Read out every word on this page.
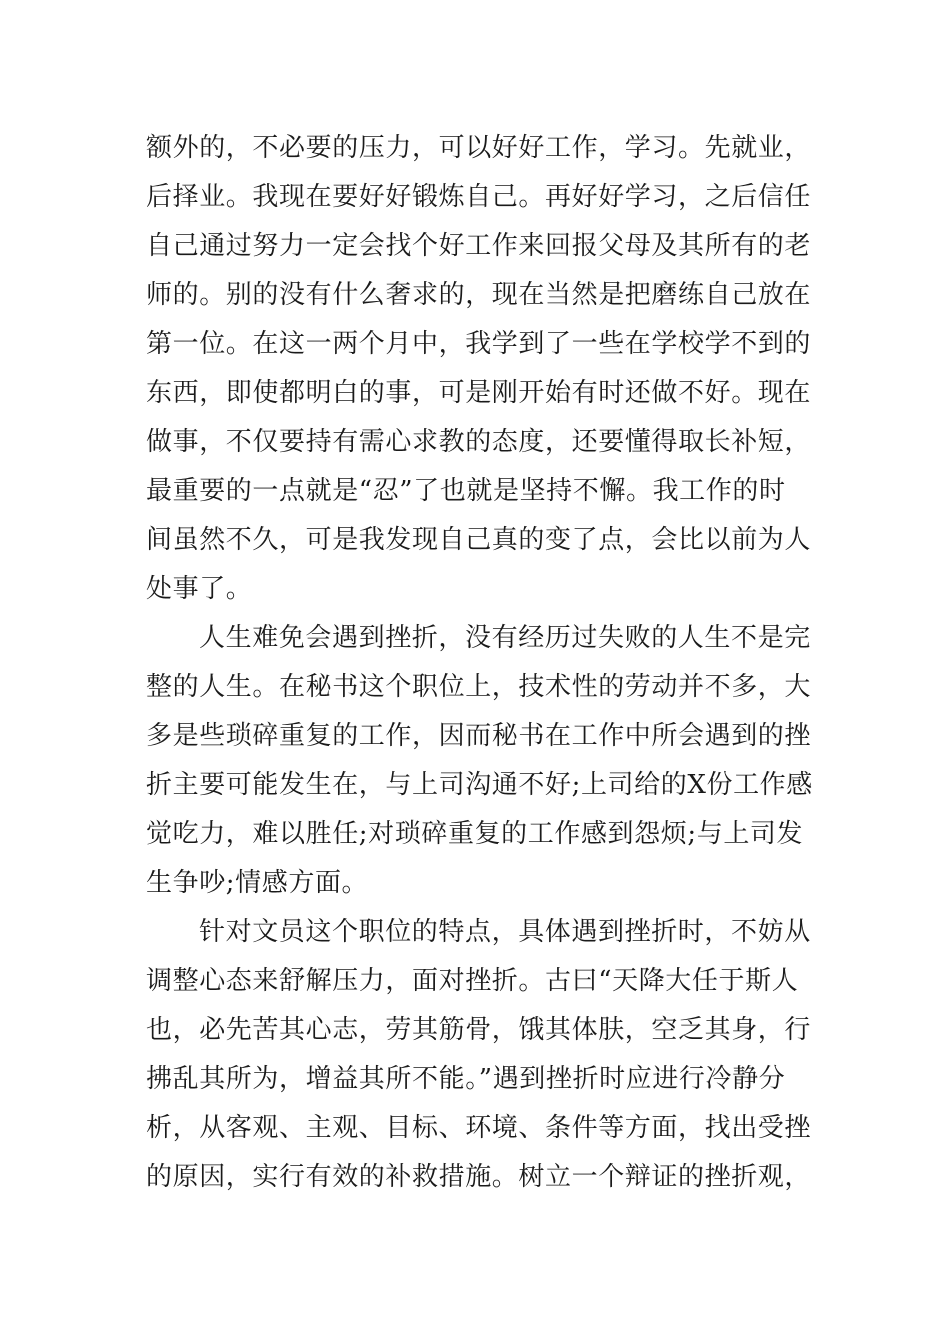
额外的，不必要的压力，可以好好工作，学习。先就业，
后择业。我现在要好好锻炼自己。再好好学习，之后信任
自己通过努力一定会找个好工作来回报父母及其所有的老
师的。别的没有什么奢求的，现在当然是把磨练自己放在
第一位。在这一两个月中，我学到了一些在学校学不到的
东西，即使都明白的事，可是刚开始有时还做不好。现在
做事，不仅要持有需心求教的态度，还要懂得取长补短，
最重要的一点就是“忍”了也就是坚持不懈。我工作的时
间虽然不久，可是我发现自己真的变了点，会比以前为人
处事了。
人生难免会遇到挫折，没有经历过失败的人生不是完
整的人生。在秘书这个职位上，技术性的劳动并不多，大
多是些琐碎重复的工作，因而秘书在工作中所会遇到的挫
折主要可能发生在，与上司沟通不好;上司给的X份工作感
觉吃力，难以胜任;对琐碎重复的工作感到怨烦;与上司发
生争吵;情感方面。
针对文员这个职位的特点，具体遇到挫折时，不妨从
调整心态来舒解压力，面对挫折。古曰“天降大任于斯人
也，必先苦其心志，劳其筋骨，饿其体肤，空乏其身，行
拂乱其所为，增益其所不能。”遇到挫折时应进行冷静分
析，从客观、主观、目标、环境、条件等方面，找出受挫
的原因，实行有效的补救措施。树立一个辩证的挫折观，
